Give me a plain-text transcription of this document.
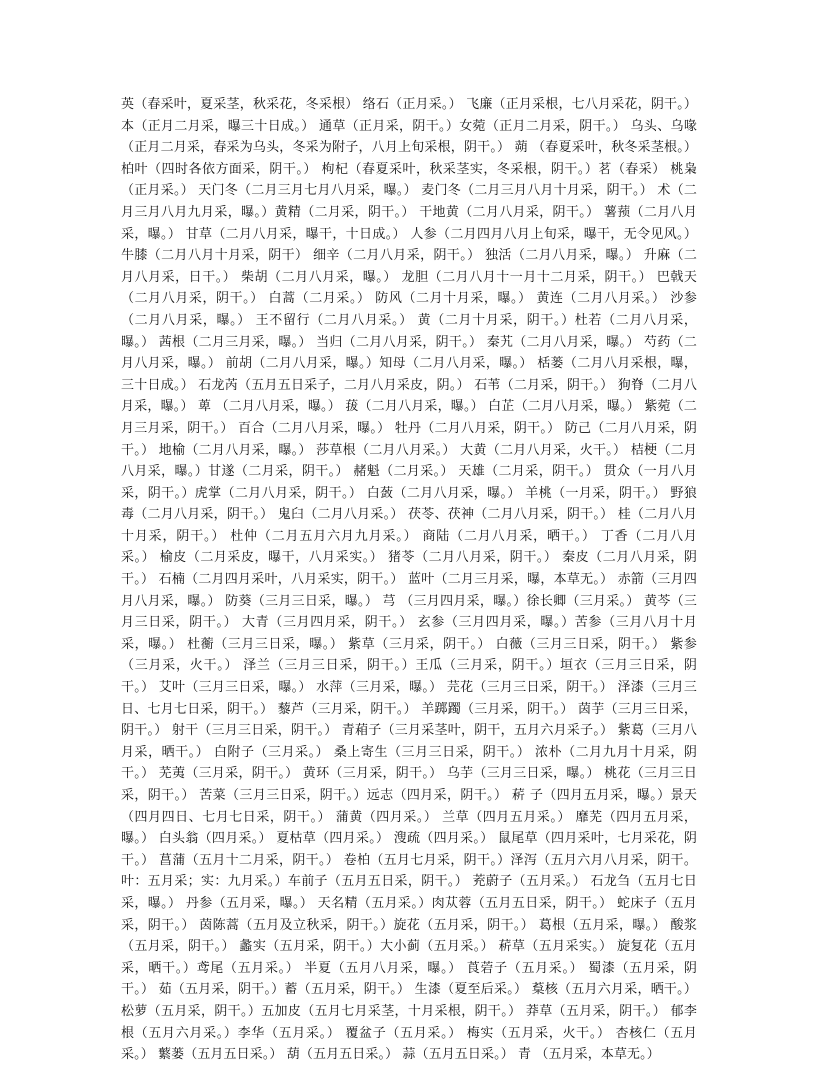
英（春采叶，夏采茎，秋采花，冬采根） 络石（正月采。） 飞廉（正月采根，七八月采花，阴干。） 本（正月二月采，曝三十日成。） 通草（正月采，阴干。）女菀（正月二月采，阴干。） 乌头、乌喙（正月二月采，春采为乌头，冬采为附子，八月上旬采根，阴干。） 蒴 （春夏采叶，秋冬采茎根。） 柏叶（四时各依方面采，阴干。） 枸杞（春夏采叶，秋采茎实，冬采根，阴干。）茗（春采） 桃枭（正月采。） 天门冬（二月三月七月八月采，曝。） 麦门冬（二月三月八月十月采，阴干。） 术（二月三月八月九月采，曝。）黄精（二月采，阴干。） 干地黄（二月八月采，阴干。） 薯蓣（二月八月采，曝。） 甘草（二月八月采，曝干，十日成。） 人参（二月四月八月上旬采，曝干，无令见风。） 牛膝（二月八月十月采，阴干） 细辛（二月八月采，阴干。） 独活（二月八月采，曝。） 升麻（二月八月采，日干。） 柴胡（二月八月采，曝。） 龙胆（二月八月十一月十二月采，阴干。） 巴戟天（二月八月采，阴干。） 白蒿（二月采。） 防风（二月十月采，曝。） 黄连（二月八月采。） 沙参（二月八月采，曝。） 王不留行（二月八月采。） 黄（二月十月采，阴干。）杜若（二月八月采，曝。） 茜根（二月三月采，曝。） 当归（二月八月采，阴干。） 秦艽（二月八月采，曝。） 芍药（二月八月采，曝。） 前胡（二月八月采，曝。）知母（二月八月采，曝。） 栝蒌（二月八月采根，曝，三十日成。） 石龙芮（五月五日采子，二月八月采皮，阴。） 石苇（二月采，阴干。） 狗脊（二月八月采，曝。） 萆 （二月八月采，曝。） 菝（二月八月采，曝。） 白芷（二月八月采，曝。） 紫菀（二月三月采，阴干。） 百合（二月八月采，曝。） 牡丹（二月八月采，阴干。） 防己（二月八月采，阴干。） 地榆（二月八月采，曝。） 莎草根（二月八月采。） 大黄（二月八月采，火干。） 桔梗（二月八月采，曝。）甘遂（二月采，阴干。） 赭魁（二月采。） 天雄（二月采，阴干。） 贯众（一月八月采，阴干。）虎掌（二月八月采，阴干。） 白蔹（二月八月采，曝。） 羊桃（一月采，阴干。） 野狼毒（二月八月采，阴干。） 鬼臼（二月八月采。） 茯苓、茯神（二月八月采，阴干。） 桂（二月八月十月采，阴干。） 杜仲（二月五月六月九月采。） 商陆（二月八月采，晒干。） 丁香（二月八月采。） 榆皮（二月采皮，曝干，八月采实。） 猪苓（二月八月采，阴干。） 秦皮（二月八月采，阴干。） 石楠（二月四月采叶，八月采实，阴干。） 蓝叶（二月三月采，曝，本草无。） 赤箭（三月四月八月采，曝。） 防葵（三月三日采，曝。） 芎 （三月四月采，曝。）徐长卿（三月采。） 黄芩（三月三日采，阴干。） 大青（三月四月采，阴干。） 玄参（三月四月采，曝。）苦参（三月八月十月采，曝。） 杜蘅（三月三日采，曝。） 紫草（三月采，阴干。） 白薇（三月三日采，阴干。） 紫参（三月采，火干。） 泽兰（三月三日采，阴干。）王瓜（三月采，阴干。）垣衣（三月三日采，阴干。） 艾叶（三月三日采，曝。） 水萍（三月采，曝。） 芫花（三月三日采，阴干。） 泽漆（三月三日、七月七日采，阴干。） 藜芦（三月采，阴干。） 羊踯躅（三月采，阴干。） 茵芋（三月三日采，阴干。） 射干（三月三日采，阴干。） 青葙子（三月采茎叶，阴干，五月六月采子。） 紫葛（三月八月采，晒干。） 白附子（三月采。） 桑上寄生（三月三日采，阴干。） 浓朴（二月九月十月采，阴干。） 芜荑（三月采，阴干。） 黄环（三月采，阴干。） 乌芋（三月三日采，曝。） 桃花（三月三日采，阴干。） 苦菜（三月三日采，阴干。）远志（四月采，阴干。） 菥 子（四月五月采，曝。）景天（四月四日、七月七日采，阴干。） 蒲黄（四月采。） 兰草（四月五月采。） 靡芜（四月五月采，曝。） 白头翁（四月采。） 夏枯草（四月采。） 溲疏（四月采。） 鼠尾草（四月采叶，七月采花，阴干。） 菖蒲（五月十二月采，阴干。） 卷柏（五月七月采，阴干。）泽泻（五月六月八月采，阴干。叶：五月采；实：九月采。）车前子（五月五日采，阴干。） 茺蔚子（五月采。） 石龙刍（五月七日采，曝。） 丹参（五月采，曝。） 天名精（五月采。）肉苁蓉（五月五日采，阴干。） 蛇床子（五月采，阴干。） 茵陈蒿（五月及立秋采，阴干。）旋花（五月采，阴干。） 葛根（五月采，曝。） 酸浆（五月采，阴干。） 蠡实（五月采，阴干。）大小蓟（五月采。） 菥草（五月采实。） 旋复花（五月采，晒干。）鸢尾（五月采。） 半夏（五月八月采，曝。） 莨菪子（五月采。） 蜀漆（五月采，阴干。） 茹（五月采，阴干。）蓄（五月采，阴干。） 生漆（夏至后采。） 葈核（五月六月采，晒干。） 松萝（五月采，阴干。）五加皮（五月七月采茎，十月采根，阴干。） 莽草（五月采，阴干。） 郁李根（五月六月采。）李华（五月采。） 覆盆子（五月采。） 梅实（五月采，火干。） 杏核仁（五月采。） 蘩蒌（五月五日采。） 葫（五月五日采。） 蒜（五月五日采。） 青 （五月采，本草无。）
